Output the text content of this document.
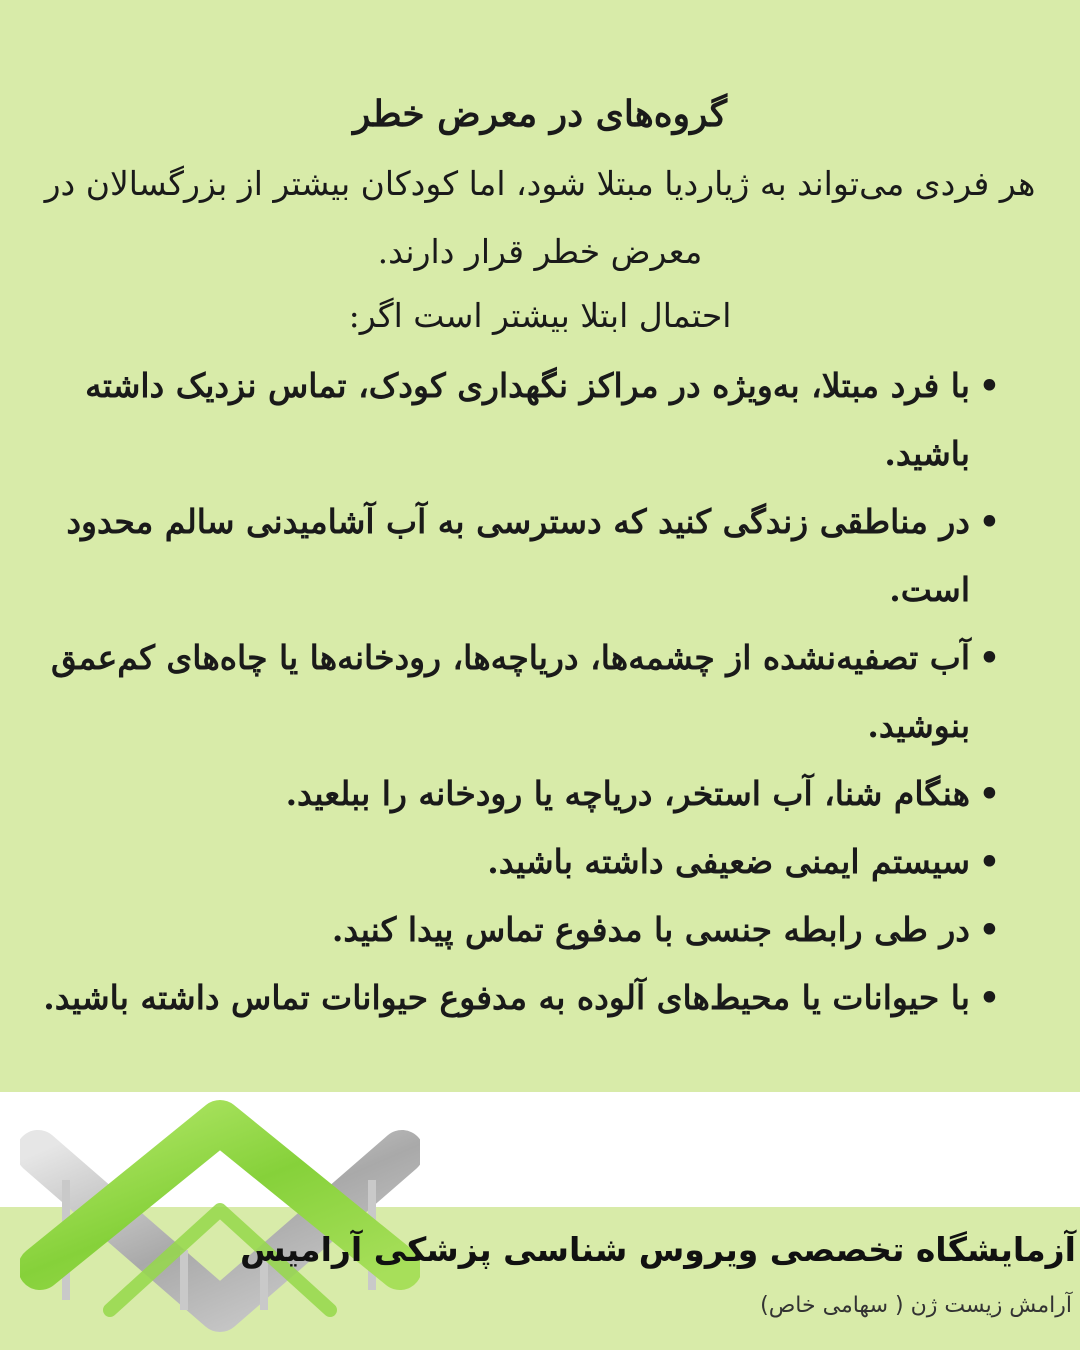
گروه‌های در معرض خطر
هر فردی می‌تواند به ژیاردیا مبتلا شود، اما کودکان بیشتر از بزرگسالان در معرض خطر قرار دارند.
احتمال ابتلا بیشتر است اگر:
• با فرد مبتلا، به‌ویژه در مراکز نگهداری کودک، تماس نزدیک داشته باشید.
• در مناطقی زندگی کنید که دسترسی به آب آشامیدنی سالم محدود است.
• آب تصفیه‌نشده از چشمه‌ها، دریاچه‌ها، رودخانه‌ها یا چاه‌های کم‌عمق بنوشید.
• هنگام شنا، آب استخر، دریاچه یا رودخانه را ببلعید.
• سیستم ایمنی ضعیفی داشته باشید.
• در طی رابطه جنسی با مدفوع تماس پیدا کنید.
• با حیوانات یا محیط‌های آلوده به مدفوع حیوانات تماس داشته باشید.
آزمایشگاه تخصصی ویروس شناسی پزشکی آرامیس
آرامش زیست ژن ( سهامی خاص)
